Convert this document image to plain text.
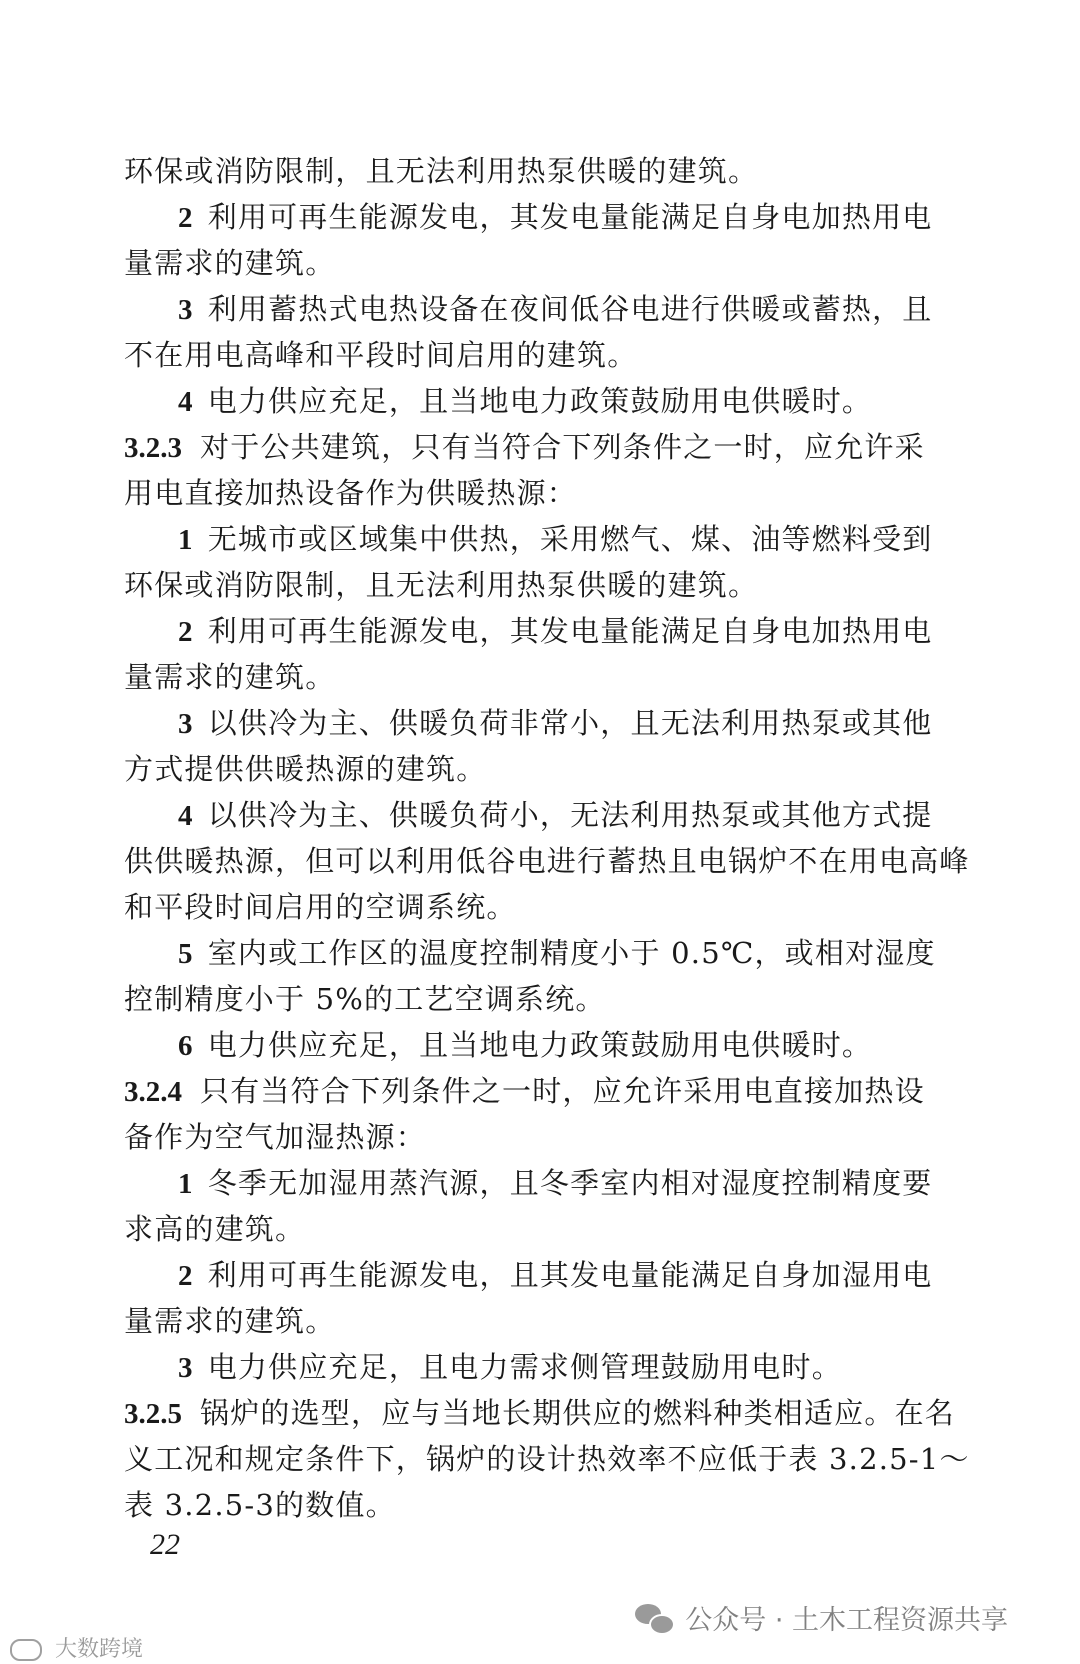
环保或消防限制，且无法利用热泵供暖的建筑。
2 利用可再生能源发电，其发电量能满足自身电加热用电
量需求的建筑。
3 利用蓄热式电热设备在夜间低谷电进行供暖或蓄热，且
不在用电高峰和平段时间启用的建筑。
4 电力供应充足，且当地电力政策鼓励用电供暖时。
3.2.3 对于公共建筑，只有当符合下列条件之一时，应允许采
用电直接加热设备作为供暖热源：
1 无城市或区域集中供热，采用燃气、煤、油等燃料受到
环保或消防限制，且无法利用热泵供暖的建筑。
2 利用可再生能源发电，其发电量能满足自身电加热用电
量需求的建筑。
3 以供冷为主、供暖负荷非常小，且无法利用热泵或其他
方式提供供暖热源的建筑。
4 以供冷为主、供暖负荷小，无法利用热泵或其他方式提
供供暖热源，但可以利用低谷电进行蓄热且电锅炉不在用电高峰
和平段时间启用的空调系统。
5 室内或工作区的温度控制精度小于 0.5℃，或相对湿度
控制精度小于 5%的工艺空调系统。
6 电力供应充足，且当地电力政策鼓励用电供暖时。
3.2.4 只有当符合下列条件之一时，应允许采用电直接加热设
备作为空气加湿热源：
1 冬季无加湿用蒸汽源，且冬季室内相对湿度控制精度要
求高的建筑。
2 利用可再生能源发电，且其发电量能满足自身加湿用电
量需求的建筑。
3 电力供应充足，且电力需求侧管理鼓励用电时。
3.2.5 锅炉的选型，应与当地长期供应的燃料种类相适应。在名
义工况和规定条件下，锅炉的设计热效率不应低于表 3.2.5-1～
表 3.2.5-3的数值。
22
大数跨境
公众号 · 土木工程资源共享
